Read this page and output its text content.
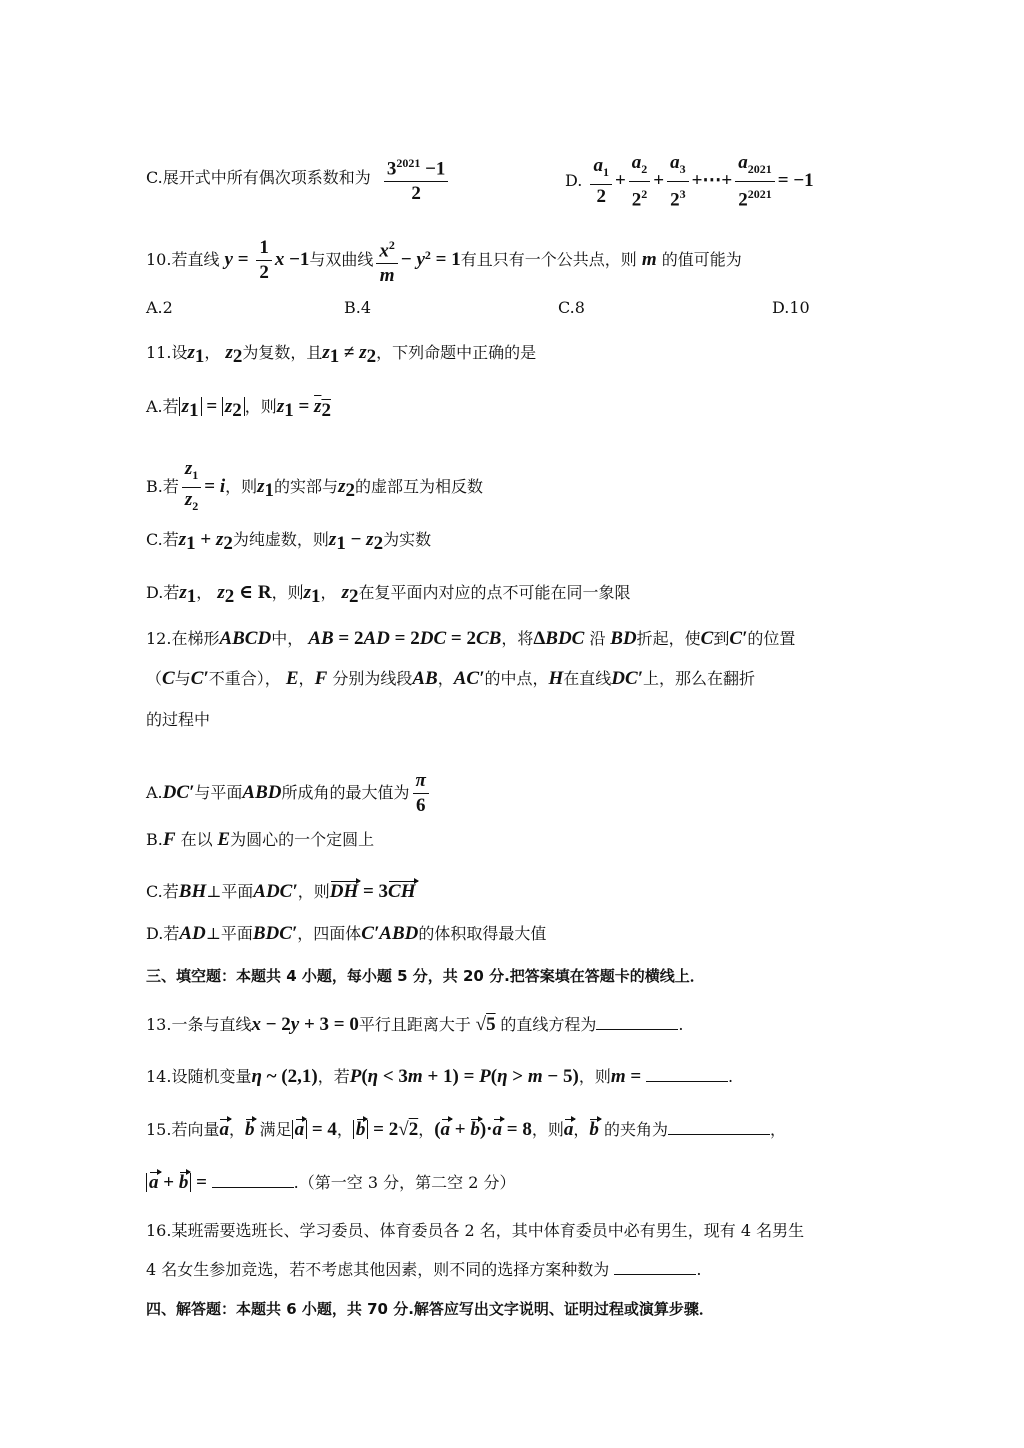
C.展开式中所有偶次项系数和为 $\frac{3^{2021} -1}{2}$	D. $\frac{a_1}{2} + \frac{a_2}{2^2} + \frac{a_3}{2^3}$ +⋯+ $\frac{a_{2021}}{2^{2021}} = -1$
10.若直线 $y = \frac{1}{2}$ x −1与双曲线 $\frac{x^2}{m} - y^2 = 1$有且只有一个公共点，则 m 的值可能为
A.2	B.4	C.8	D.10
11.设$z_1$， $z_2$为复数，且$z_1 \ne z_2$，下列命题中正确的是
A.若 $z_1 = z_2$ ，则$z_1 = z_2$
B.若 $\frac{z_1}{z_2} = i$，则$z_1$的实部与$z_2$的虚部互为相反数
C.若$z_1 + z_2$为纯虚数，则$z_1 - z_2$为实数
D.若$z_1$， $z_2$ ∈ R，则$z_1$， $z_2$在复平面内对应的点不可能在同一象限
12.在梯形ABCD中， AB = 2AD = 2DC = 2CB，将ΔBDC 沿 BD折起，使C到C′的位置
（C与C′不重合）， E，F 分别为线段AB，AC′的中点，H在直线DC′上，那么在翻折
的过程中
A.DC′与平面ABD所成角的最大值为 $\frac{\pi}{6}$
B.F 在以 E为圆心的一个定圆上
C.若BH⊥平面ADC′，则DH = 3CH
D.若AD⊥平面BDC′，四面体C′ABD的体积取得最大值
三、填空题：本题共 4 小题，每小题 5 分，共 20 分.把答案填在答题卡的横线上．
13.一条与直线x − 2y + 3 = 0平行且距离大于 √5 的直线方程为	.
14.设随机变量η ~ (2,1)，若P(η < 3m + 1) = P(η > m − 5)，则m =	.
15.若向量a，b 满足 a = 4， b = 2√2，(a + b)·a = 8，则a，b 的夹角为	，
a + b =	.（第一空 3 分，第二空 2 分）
16.某班需要选班长、学习委员、体育委员各 2 名，其中体育委员中必有男生，现有 4 名男生
4 名女生参加竞选，若不考虑其他因素，则不同的选择方案种数为	.
四、解答题：本题共 6 小题，共 70 分.解答应写出文字说明、证明过程或演算步骤．
